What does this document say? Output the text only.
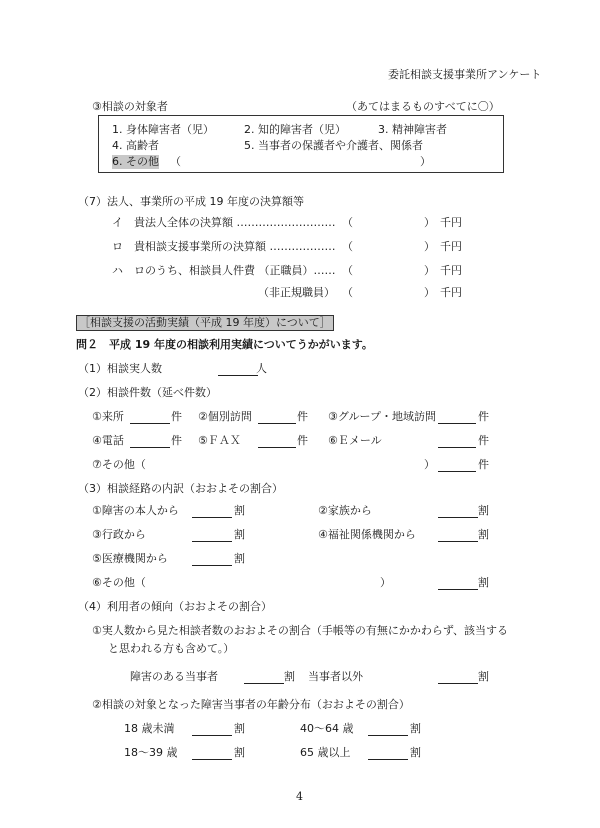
委託相談支援事業所アンケート
③相談の対象者	（あてはまるものすべてに〇）
1. 身体障害者（児）	2. 知的障害者（児）	3. 精神障害者
4. 高齢者	5. 当事者の保護者や介護者、関係者
6. その他 （	）
（7）法人、事業所の平成 19 年度の決算額等
イ　貴法人全体の決算額 ……………………… （	） 千円
ロ　貴相談支援事業所の決算額 ……………… （	） 千円
ハ　ロのうち、相談員人件費 （正職員）…… （	） 千円
（非正規職員） （	） 千円
［相談支援の活動実績（平成 19 年度）について］
問２　平成 19 年度の相談利用実績についてうかがいます。
（1）相談実人数	人
（2）相談件数（延べ件数）
①来所	件 ②個別訪問	件 ③グループ・地域訪問	件
④電話	件 ⑤ＦＡＸ	件 ⑥Ｅメール	件
⑦その他（	）	件
（3）相談経路の内訳（おおよその割合）
①障害の本人から	割	②家族から	割
③行政から	割	④福祉関係機関から	割
⑤医療機関から	割
⑥その他（	）	割
（4）利用者の傾向（おおよその割合）
①実人数から見た相談者数のおおよその割合（手帳等の有無にかかわらず、該当する
と思われる方も含めて。）
障害のある当事者	割 当事者以外	割
②相談の対象となった障害当事者の年齢分布（おおよその割合）
18 歳未満	割	40～64 歳	割
18～39 歳	割	65 歳以上	割
4
